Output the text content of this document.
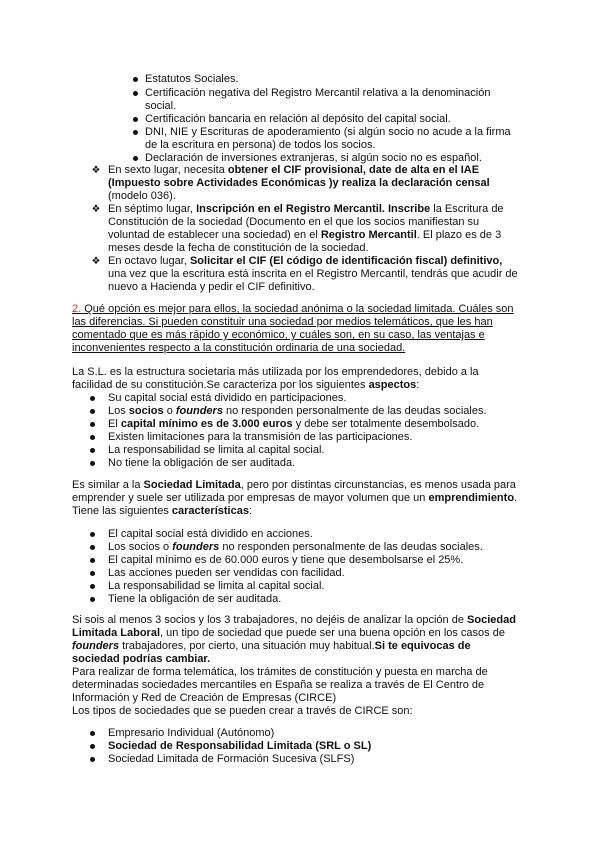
Estatutos Sociales.
Certificación negativa del Registro Mercantil relativa a la denominación
social.
Certificación bancaria en relación al depósito del capital social.
DNI, NIE y Escrituras de apoderamiento (si algún socio no acude a la firma
de la escritura en persona) de todos los socios.
Declaración de inversiones extranjeras, si algún socio no es español.
❖ En sexto lugar, necesita obtener el CIF provisional, date de alta en el IAE
(Impuesto sobre Actividades Económicas )y realiza la declaración censal
(modelo 036).
❖ En séptimo lugar, Inscripción en el Registro Mercantil. Inscribe la Escritura de
Constitución de la sociedad (Documento en el que los socios manifiestan su
voluntad de establecer una sociedad) en el Registro Mercantil. El plazo es de 3
meses desde la fecha de constitución de la sociedad.
❖ En octavo lugar, Solicitar el CIF (El código de identificación fiscal) definitivo,
una vez que la escritura está inscrita en el Registro Mercantil, tendrás que acudir de
nuevo a Hacienda y pedir el CIF definitivo.
2. Qué opción es mejor para ellos, la sociedad anónima o la sociedad limitada. Cuáles son
las diferencias. Si pueden constituir una sociedad por medios telemáticos, que les han
comentado que es más rápido y económico, y cuáles son, en su caso, las ventajas e
inconvenientes respecto a la constitución ordinaria de una sociedad.
La S.L. es la estructura societaria más utilizada por los emprendedores, debido a la
facilidad de su constitución.Se caracteriza por los siguientes aspectos:
Su capital social está dividido en participaciones.
Los socios o founders no responden personalmente de las deudas sociales.
El capital mínimo es de 3.000 euros y debe ser totalmente desembolsado.
Existen limitaciones para la transmisión de las participaciones.
La responsabilidad se limita al capital social.
No tiene la obligación de ser auditada.
Es similar a la Sociedad Limitada, pero por distintas circunstancias, es menos usada para
emprender y suele ser utilizada por empresas de mayor volumen que un emprendimiento.
Tiene las siguientes características:
El capital social está dividido en acciones.
Los socios o founders no responden personalmente de las deudas sociales.
El capital mínimo es de 60.000 euros y tiene que desembolsarse el 25%.
Las acciones pueden ser vendidas con facilidad.
La responsabilidad se limita al capital social.
Tiene la obligación de ser auditada.
Si sois al menos 3 socios y los 3 trabajadores, no dejéis de analizar la opción de Sociedad
Limitada Laboral, un tipo de sociedad que puede ser una buena opción en los casos de
founders trabajadores, por cierto, una situación muy habitual.Si te equivocas de
sociedad podrías cambiar.
Para realizar de forma telemática, los trámites de constitución y puesta en marcha de
determinadas sociedades mercantiles en España se realiza a través de El Centro de
Información y Red de Creación de Empresas (CIRCE)
Los tipos de sociedades que se pueden crear a través de CIRCE son:
Empresario Individual (Autónomo)
Sociedad de Responsabilidad Limitada (SRL o SL)
Sociedad Limitada de Formación Sucesiva (SLFS)
